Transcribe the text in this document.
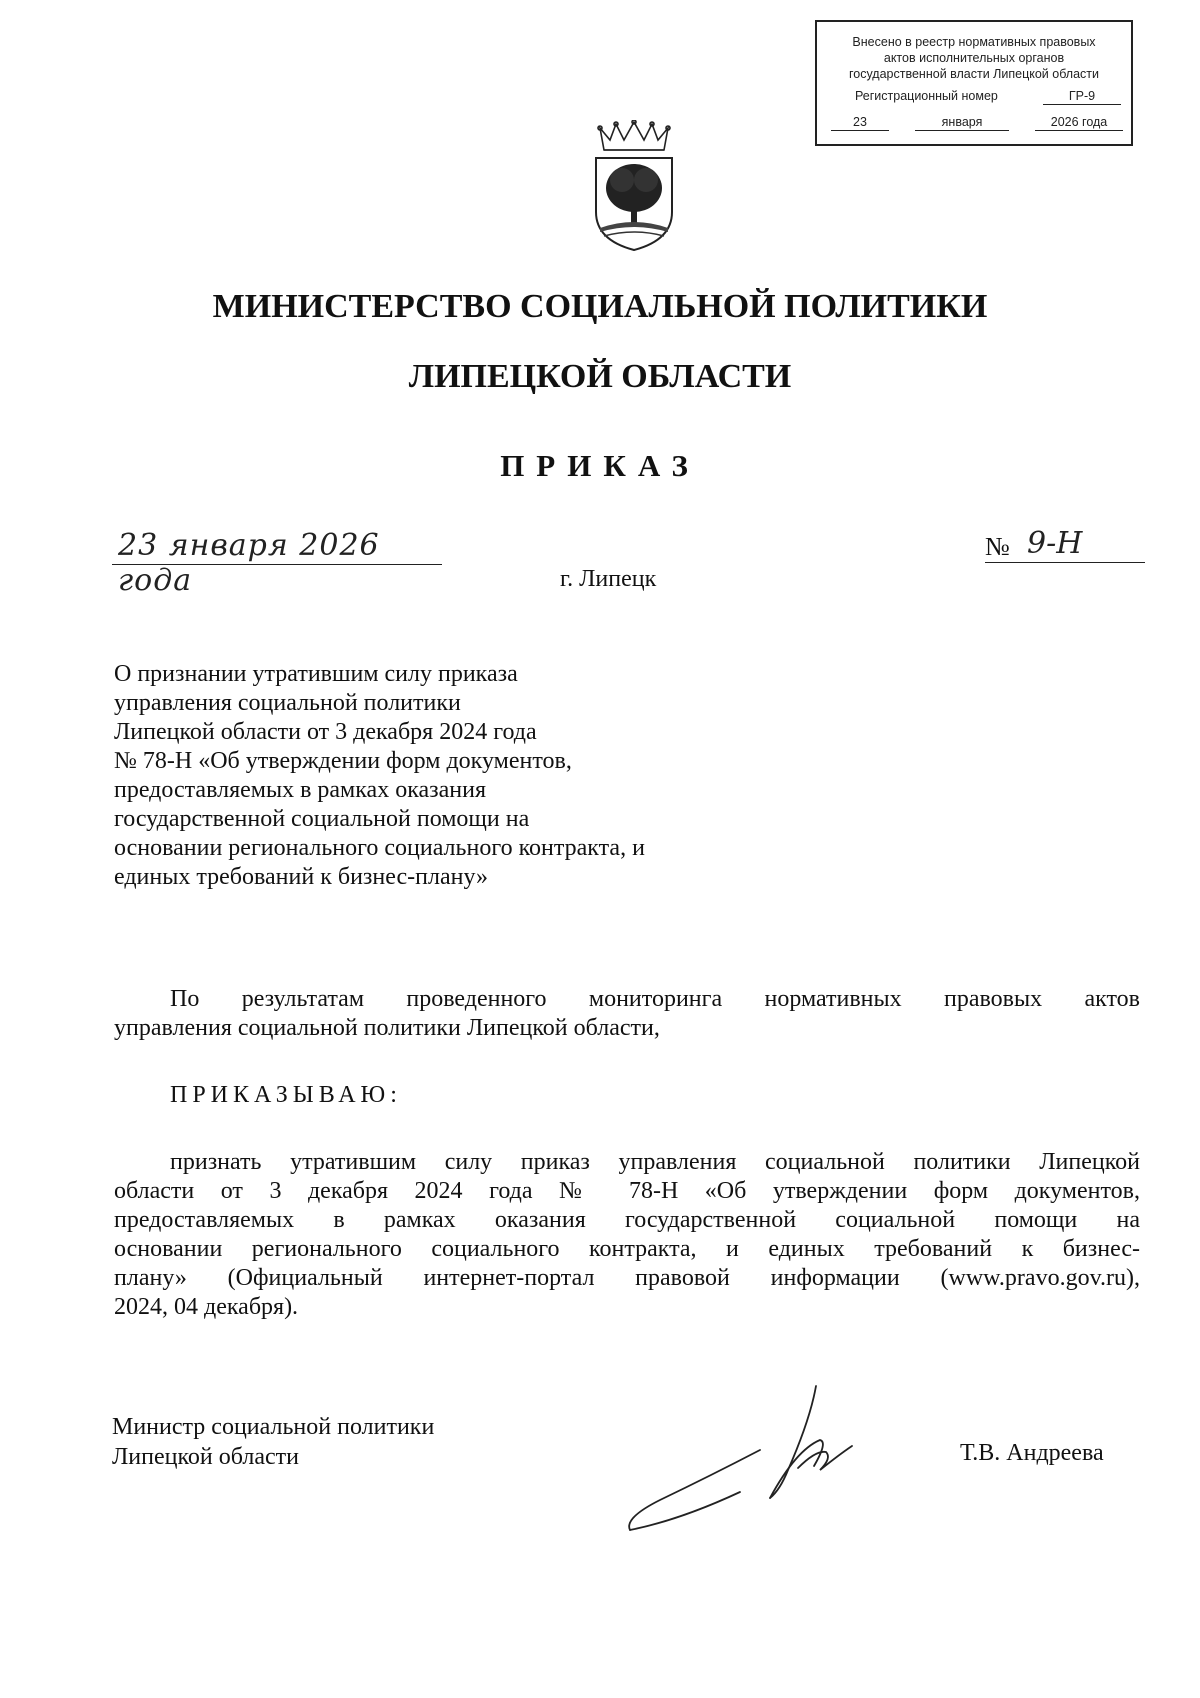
Внесено в реестр нормативных правовых
актов исполнительных органов
государственной власти Липецкой области
Регистрационный номер	ГР-9
23	января	2026 года
МИНИСТЕРСТВО СОЦИАЛЬНОЙ ПОЛИТИКИ
ЛИПЕЦКОЙ ОБЛАСТИ
ПРИКАЗ
23 января 2026 года	г. Липецк
№ 9-Н
О признании утратившим силу приказа
управления социальной политики
Липецкой области от 3 декабря 2024 года
№ 78-Н «Об утверждении форм документов,
предоставляемых в рамках оказания
государственной социальной помощи на
основании регионального социального контракта, и
единых требований к бизнес-плану»
По результатам проведенного мониторинга нормативных правовых актов
управления социальной политики Липецкой области,
ПРИКАЗЫВАЮ:
признать утратившим силу приказ управления социальной политики Липецкой
области от 3 декабря 2024 года № 78-Н «Об утверждении форм документов,
предоставляемых в рамках оказания государственной социальной помощи на
основании регионального социального контракта, и единых требований к бизнес-
плану» (Официальный интернет-портал правовой информации (www.pravo.gov.ru),
2024, 04 декабря).
Министр социальной политики
Липецкой области	Т.В. Андреева
